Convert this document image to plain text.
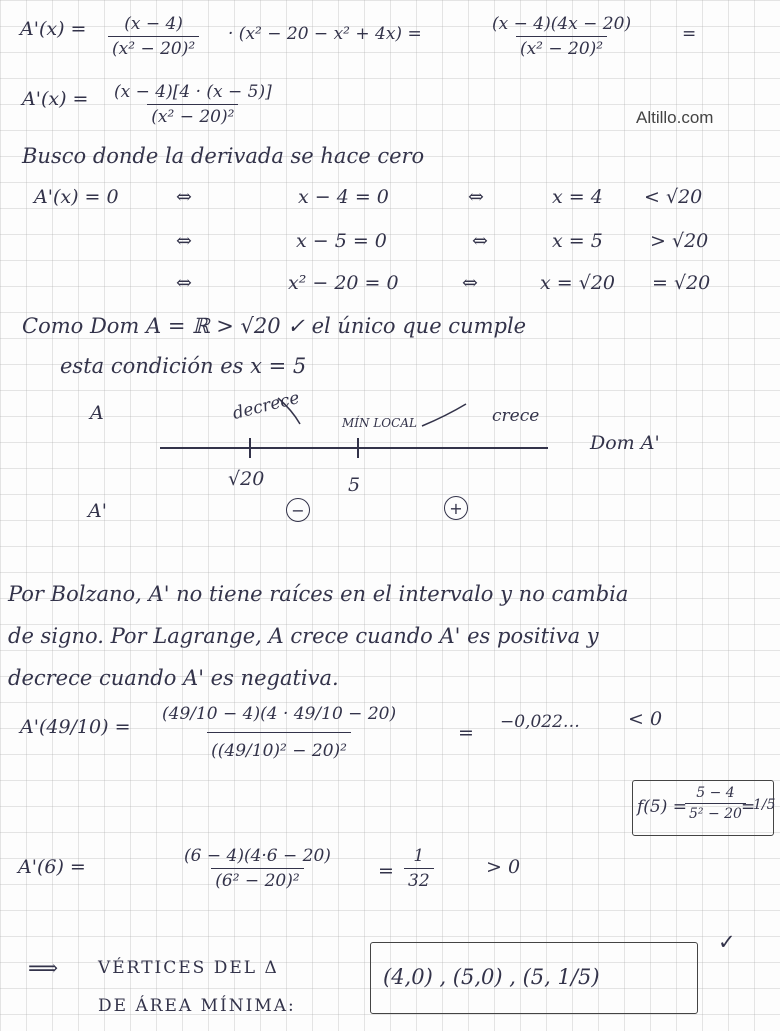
Altillo.com
$A'(x) = \frac{(x - 4)}{\text{(x² − 20)²}} \cdot (x^2 - 20 - x^2 + 4x)$ =	$\frac{(x - 4)(4x - 20)}{\text{(x² − 20)²}}$	=
$A'(x) = \frac{(x - 4)[4 \cdot (x - 5)]}{\text{(x² − 20)²}}$
Busco donde la derivada se hace cero
A'(x) = 0	⇔	x − 4 = 0	⇔	x = 4 < √20
⇔	x − 5 = 0	⇔	x = 5 > √20
⇔	x² − 20 = 0	⇔	x = √20 = √20
Como Dom A = ℝ > √20 ✓ el único que cumple
esta condición es x = 5
A	decrece	MÍN LOCAL	crece
Dom A'
√20	5
A'	−	+
Por Bolzano, A' no tiene raíces en el intervalo y no cambia
de signo. Por Lagrange, A crece cuando A' es positiva y
decrece cuando A' es negativa.
$A'(49/10) = \frac{(49/10 - 4)(4 \cdot 49/10 - 20)}{\text{((49/10)² − 20)²}}$	= −0,022…	< 0
f(5) =
$\frac{5 - 4}{\text{5² − 20}}$
=
1/5
A'(6) =	$\frac{(6 - 4)(4\cdot 6 - 20)}{\text{(6² − 20)²}} = \frac{1}{32}$	> 0
⟹ VÉRTICES DEL Δ
DE ÁREA MÍNIMA:
(4,0) , (5,0) , (5, 1/5)
✓
